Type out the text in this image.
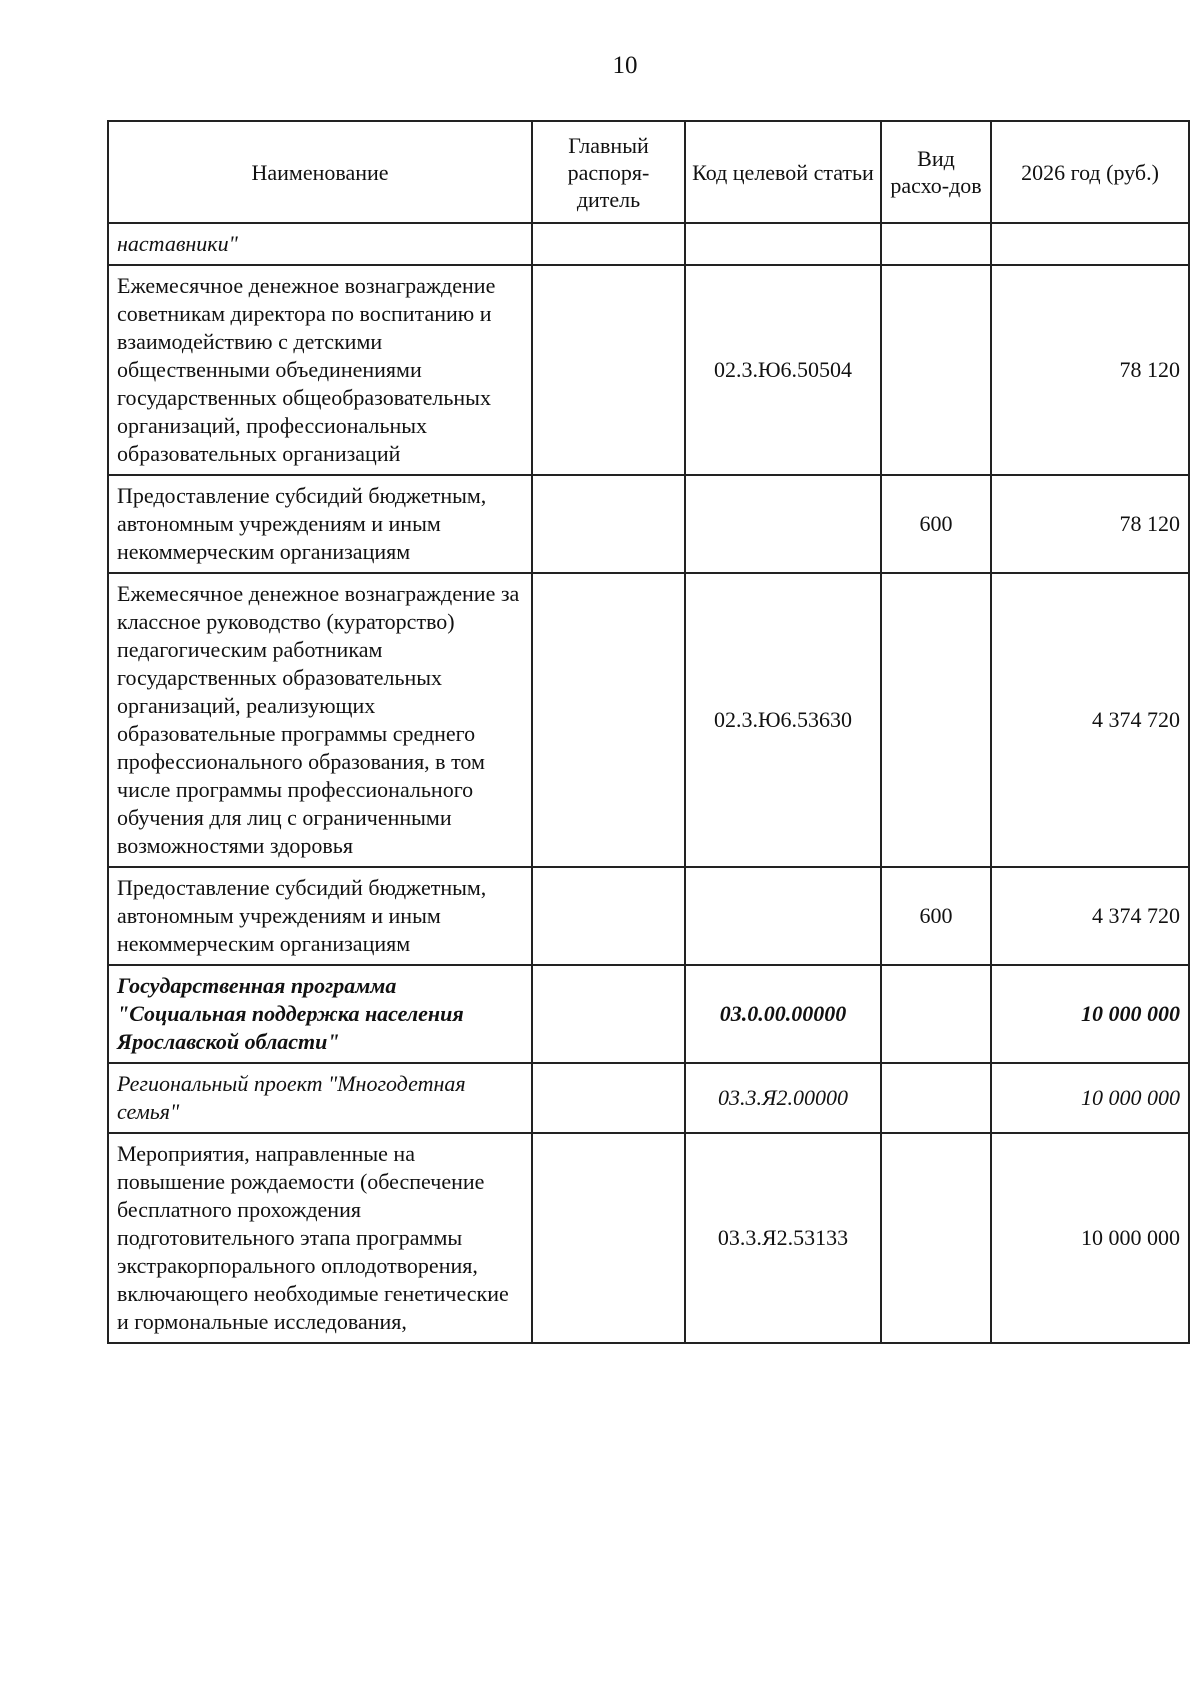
10
Наименование	Главный распоря-дитель	Код целевой статьи	Вид расхо-дов	2026 год (руб.)
наставники"				
Ежемесячное денежное вознаграждение советникам директора по воспитанию и взаимодействию с детскими общественными объединениями государственных общеобразовательных организаций, профессиональных образовательных организаций		02.3.Ю6.50504		78 120
Предоставление субсидий бюджетным, автономным учреждениям и иным некоммерческим организациям			600	78 120
Ежемесячное денежное вознаграждение за классное руководство (кураторство) педагогическим работникам государственных образовательных организаций, реализующих образовательные программы среднего профессионального образования, в том числе программы профессионального обучения для лиц с ограниченными возможностями здоровья		02.3.Ю6.53630		4 374 720
Предоставление субсидий бюджетным, автономным учреждениям и иным некоммерческим организациям			600	4 374 720
Государственная программа "Социальная поддержка населения Ярославской области"		03.0.00.00000		10 000 000
Региональный проект "Многодетная семья"		03.3.Я2.00000		10 000 000
Мероприятия, направленные на повышение рождаемости (обеспечение бесплатного прохождения подготовительного этапа программы экстракорпорального оплодотворения, включающего необходимые генетические и гормональные исследования,		03.3.Я2.53133		10 000 000
